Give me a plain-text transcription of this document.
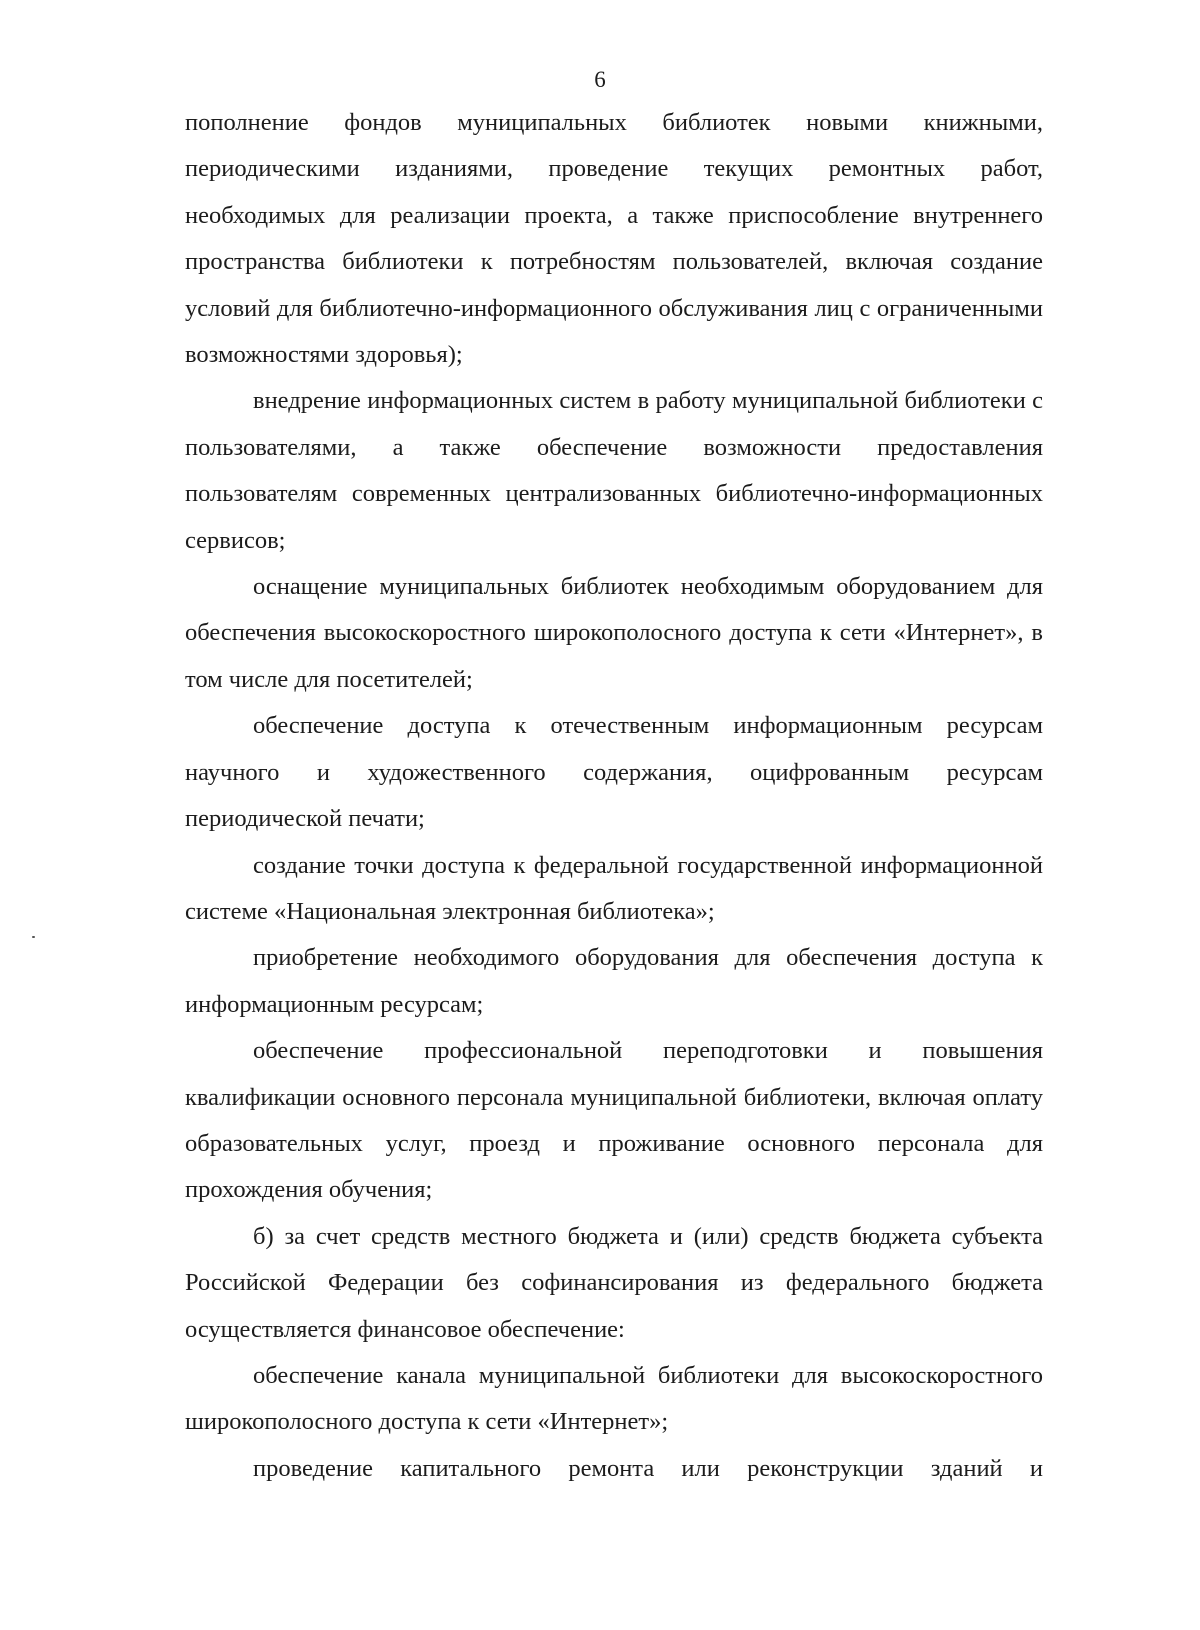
6

пополнение фондов муниципальных библиотек новыми книжными, периодическими изданиями, проведение текущих ремонтных работ, необходимых для реализации проекта, а также приспособление внутреннего пространства библиотеки к потребностям пользователей, включая создание условий для библиотечно-информационного обслуживания лиц с ограниченными возможностями здоровья);

внедрение информационных систем в работу муниципальной библиотеки с пользователями, а также обеспечение возможности предоставления пользователям современных централизованных библиотечно-информационных сервисов;

оснащение муниципальных библиотек необходимым оборудованием для обеспечения высокоскоростного широкополосного доступа к сети «Интернет», в том числе для посетителей;

обеспечение доступа к отечественным информационным ресурсам научного и художественного содержания, оцифрованным ресурсам периодической печати;

создание точки доступа к федеральной государственной информационной системе «Национальная электронная библиотека»;

приобретение необходимого оборудования для обеспечения доступа к информационным ресурсам;

обеспечение профессиональной переподготовки и повышения квалификации основного персонала муниципальной библиотеки, включая оплату образовательных услуг, проезд и проживание основного персонала для прохождения обучения;

б) за счет средств местного бюджета и (или) средств бюджета субъекта Российской Федерации без софинансирования из федерального бюджета осуществляется финансовое обеспечение:

обеспечение канала муниципальной библиотеки для высокоскоростного широкополосного доступа к сети «Интернет»;

проведение капитального ремонта или реконструкции зданий и
